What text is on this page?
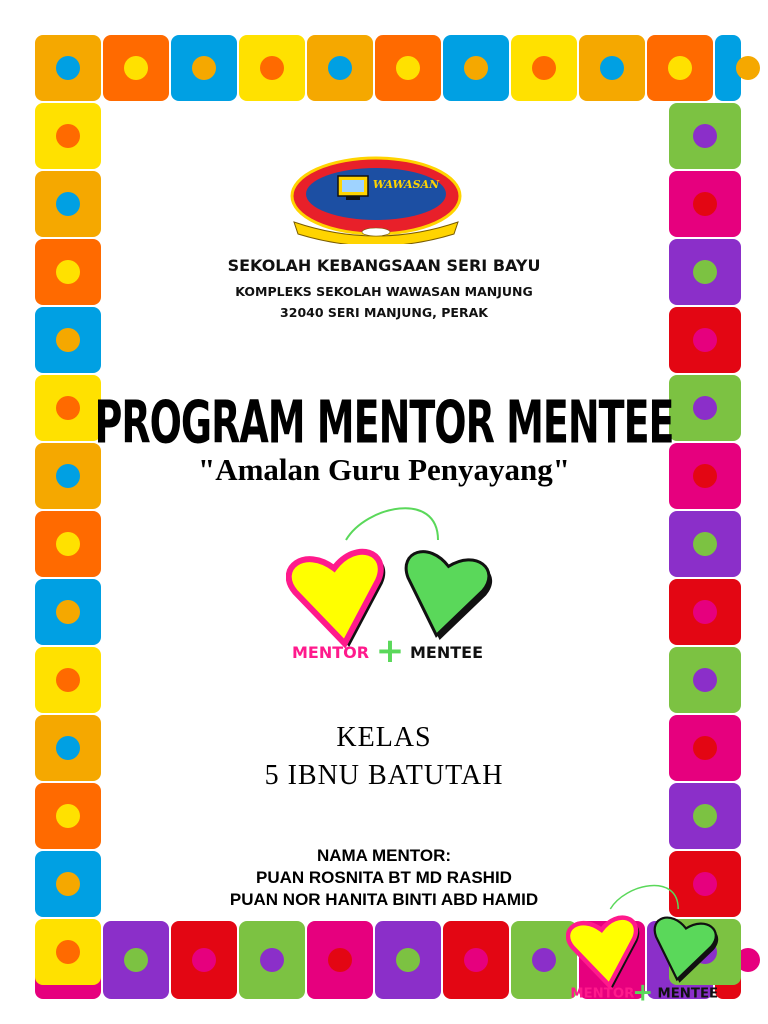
WAWASAN
SEKOLAH KEBANGSAAN SERI BAYU
KOMPLEKS SEKOLAH WAWASAN MANJUNG
32040 SERI MANJUNG, PERAK
PROGRAM MENTOR MENTEE
"Amalan Guru Penyayang"
MENTOR + MENTEE
KELAS
5 IBNU BATUTAH
NAMA MENTOR:
PUAN ROSNITA BT MD RASHID
PUAN NOR HANITA BINTI ABD HAMID
MENTOR
+ MENTEE
